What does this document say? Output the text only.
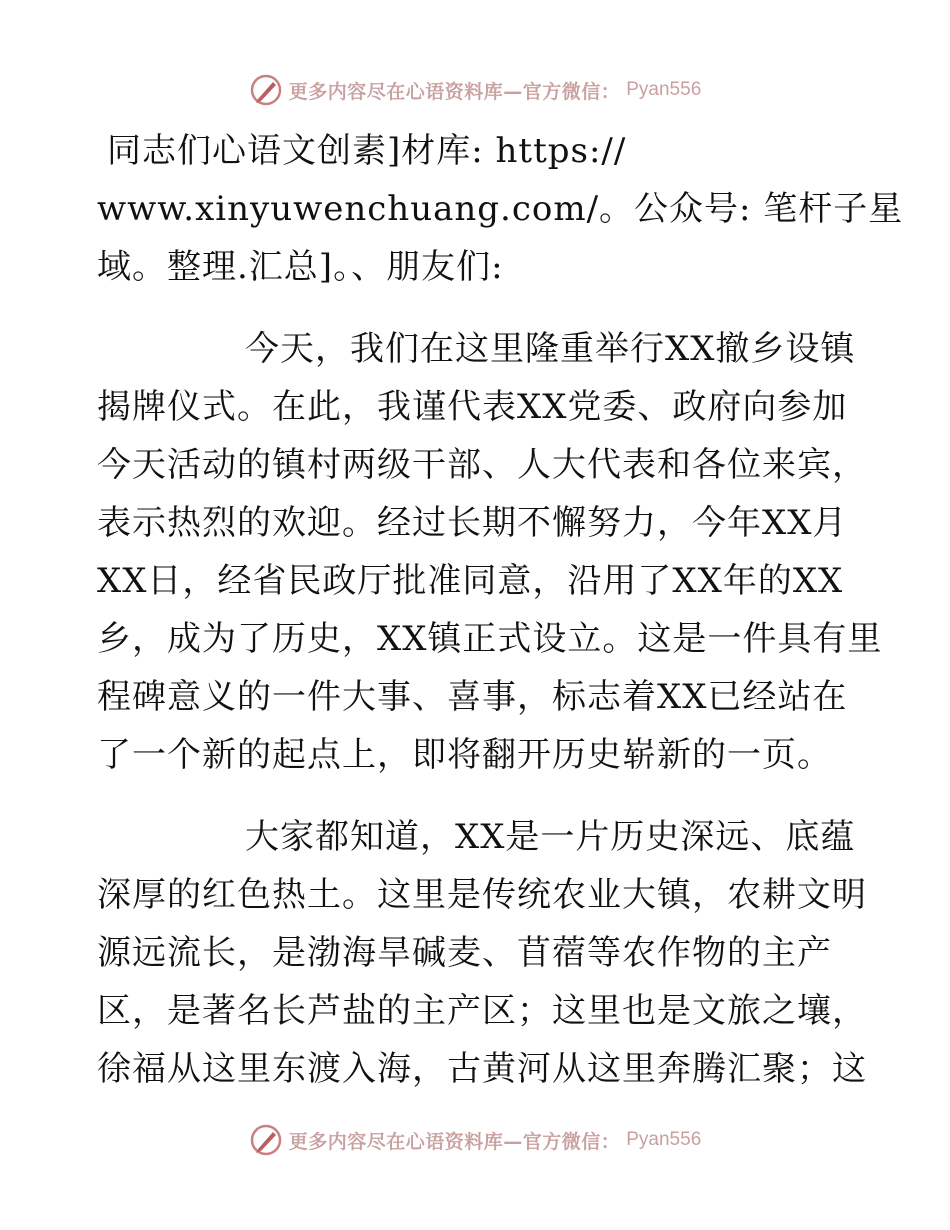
更多内容尽在心语资料库—官方微信： Pyan556
同志们心语文创素]材库: https://
www.xinyuwenchuang.com/。公众号: 笔杆子星
域。整理.汇总]。、朋友们:
今天，我们在这里隆重举行XX撤乡设镇
揭牌仪式。在此，我谨代表XX党委、政府向参加
今天活动的镇村两级干部、人大代表和各位来宾，
表示热烈的欢迎。经过长期不懈努力，今年XX月
XX日，经省民政厅批准同意，沿用了XX年的XX
乡，成为了历史，XX镇正式设立。这是一件具有里
程碑意义的一件大事、喜事，标志着XX已经站在
了一个新的起点上，即将翻开历史崭新的一页。
大家都知道，XX是一片历史深远、底蕴
深厚的红色热土。这里是传统农业大镇，农耕文明
源远流长，是渤海旱碱麦、苜蓿等农作物的主产
区，是著名长芦盐的主产区；这里也是文旅之壤，
徐福从这里东渡入海，古黄河从这里奔腾汇聚；这
更多内容尽在心语资料库—官方微信： Pyan556
